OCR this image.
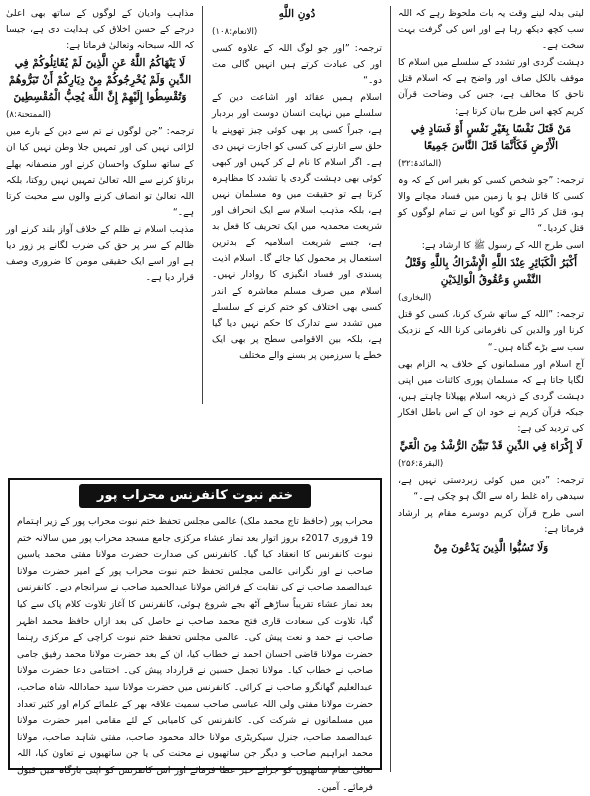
لیتی بدلہ لینے وقت یہ بات ملحوظ رہے کہ اللہ سب کچھ دیکھ رہا ہے اور اس کی گرفت بہت سخت ہے۔

دہشت گردی اور تشدد کے سلسلے میں اسلام کا موقف بالکل صاف اور واضح ہے کہ اسلام قتل ناحق کا مخالف ہے، جس کی وضاحت قرآن کریم کچھ اس طرح بیان کرتا ہے:

مَنْ قَتَلَ نَفْسًا بِغَيْرِ نَفْسٍ أَوْ فَسَادٍ فِي الْأَرْضِ فَكَأَنَّمَا قَتَلَ النَّاسَ جَمِيعًا

(المائدۃ:۳۲)

ترجمہ: ”جو شخص کسی کو بغیر اس کے کہ وہ کسی کا قاتل ہو یا زمین میں فساد مچانے والا ہو، قتل کر ڈالے تو گویا اس نے تمام لوگوں کو قتل کردیا۔“

اسی طرح اللہ کے رسول ﷺ کا ارشاد ہے:

أَكْبَرُ الْكَبَائِرِ عِنْدَ اللَّهِ الْإِشْرَاكُ بِاللَّهِ وَقَتْلُ النَّفْسِ وَعُقُوقُ الْوَالِدَيْنِ

(البخاری)

ترجمہ: ”اللہ کے ساتھ شرک کرنا، کسی کو قتل کرنا اور والدین کی نافرمانی کرنا اللہ کے نزدیک سب سے بڑے گناہ ہیں۔“

آج اسلام اور مسلمانوں کے خلاف یہ الزام بھی لگایا جاتا ہے کہ مسلمان پوری کائنات میں اپنی دہشت گردی کے ذریعہ اسلام پھیلانا چاہتے ہیں، جبکہ قرآن کریم نے خود ان کے اس باطل افکار کی تردید کی ہے:

لَا إِكْرَاهَ فِي الدِّينِ قَدْ تَبَيَّنَ الرُّشْدُ مِنَ الْغَيِّ

(البقرۃ:۲۵۶)

ترجمہ: ”دین میں کوئی زبردستی نہیں ہے، سیدھی راہ غلط راہ سے الگ ہو چکی ہے۔“

اسی طرح قرآن کریم دوسرے مقام پر ارشاد فرماتا ہے:

وَلَا تَسُبُّوا الَّذِينَ يَدْعُونَ مِنْ

دُونِ اللَّهِ

(الانعام:۱۰۸)

ترجمہ: ”اور جو لوگ اللہ کے علاوہ کسی اور کی عبادت کرتے ہیں انہیں گالی مت دو۔“

اسلام ہمیں عقائد اور اشاعت دین کے سلسلے میں نہایت انسان دوست اور بردبار ہے، جبراً کسی پر بھی کوئی چیز تھوپنے یا حلق سے اتارنے کی کسی کو اجازت نہیں دی ہے۔ اگر اسلام کا نام لے کر کہیں اور کبھی کوئی بھی دہشت گردی یا تشدد کا مظاہرہ کرتا ہے تو حقیقت میں وہ مسلمان نہیں ہے، بلکہ مذہب اسلام سے ایک انحراف اور شریعت محمدیہ میں ایک تحریف کا فعل بد ہے، جسے شریعت اسلامیہ کے بدترین استعمال پر محمول کیا جائے گا۔ اسلام اذیت پسندی اور فساد انگیزی کا روادار نہیں۔ اسلام میں صرف مسلم معاشرہ کے اندر کسی بھی اختلاف کو ختم کرنے کے سلسلے میں تشدد سے تدارک کا حکم نہیں دیا گیا ہے، بلکہ بین الاقوامی سطح پر بھی ایک خطے یا سرزمین پر بسنے والے مختلف

مذاہب وادیان کے لوگوں کے ساتھ بھی اعلیٰ درجے کے حسن اخلاق کی ہدایت دی ہے، جیسا کہ اللہ سبحانہ وتعالیٰ فرماتا ہے:

لَا يَنْهَاكُمُ اللَّهُ عَنِ الَّذِينَ لَمْ يُقَاتِلُوكُمْ فِي الدِّينِ وَلَمْ يُخْرِجُوكُمْ مِنْ دِيَارِكُمْ أَنْ تَبَرُّوهُمْ وَتُقْسِطُوا إِلَيْهِمْ إِنَّ اللَّهَ يُحِبُّ الْمُقْسِطِينَ

(الممتحنۃ:۸)

ترجمہ: ”جن لوگوں نے تم سے دین کے بارے میں لڑائی نہیں کی اور تمہیں جلا وطن نہیں کیا ان کے ساتھ سلوک واحسان کرنے اور منصفانہ بھلے برتاؤ کرنے سے اللہ تعالیٰ تمہیں نہیں روکتا، بلکہ اللہ تعالیٰ تو انصاف کرنے والوں سے محبت کرتا ہے۔“

مذہب اسلام نے ظلم کے خلاف آواز بلند کرنے اور ظالم کے سر پر حق کی ضرب لگانے پر زور دیا ہے اور اسے ایک حقیقی مومن کا ضروری وصف قرار دیا ہے۔

ختم نبوت کانفرنس محراب پور
محراب پور (حافظ تاج محمد ملک) عالمی مجلس تحفظ ختم نبوت محراب پور کے زیر اہتمام 19 فروری 2017ء بروز اتوار بعد نماز عشاء مرکزی جامع مسجد محراب پور میں سالانہ ختم نبوت کانفرنس کا انعقاد کیا گیا۔ کانفرنس کی صدارت حضرت مولانا مفتی محمد یاسین صاحب نے اور نگرانی عالمی مجلس تحفظ ختم نبوت محراب پور کے امیر حضرت مولانا عبدالصمد صاحب نے کی نقابت کے فرائض مولانا عبدالحمید صاحب نے سرانجام دیے۔ کانفرنس بعد نماز عشاء تقریباً ساڑھے آٹھ بجے شروع ہوئی، کانفرنس کا آغاز تلاوت کلام پاک سے کیا گیا، تلاوت کی سعادت قاری فتح محمد صاحب نے حاصل کی بعد ازاں حافظ محمد اظہر صاحب نے حمد و نعت پیش کی۔ عالمی مجلس تحفظ ختم نبوت کراچی کے مرکزی رہنما حضرت مولانا قاضی احسان احمد نے خطاب کیا، ان کے بعد حضرت مولانا محمد رفیق جامی صاحب نے خطاب کیا۔ مولانا تجمل حسین نے قرارداد پیش کی۔ اختتامی دعا حضرت مولانا عبدالعلیم گھانگرو صاحب نے کرائی۔ کانفرنس میں حضرت مولانا سید حماداللہ شاہ صاحب، حضرت مولانا مفتی ولی اللہ عباسی صاحب سمیت علاقہ بھر کے علمائے کرام اور کثیر تعداد میں مسلمانوں نے شرکت کی۔ کانفرنس کی کامیابی کے لئے مقامی امیر حضرت مولانا عبدالصمد صاحب، جنرل سیکریٹری مولانا خالد محمود صاحب، مفتی شاہد صاحب، مولانا محمد ابراہیم صاحب و دیگر جن ساتھیوں نے محنت کی یا جن ساتھیوں نے تعاون کیا، اللہ تعالیٰ تمام ساتھیوں کو جزائے خیر عطا فرمائے اور اس کانفرنس کو اپنی بارگاہ میں قبول فرمائے۔ آمین۔
